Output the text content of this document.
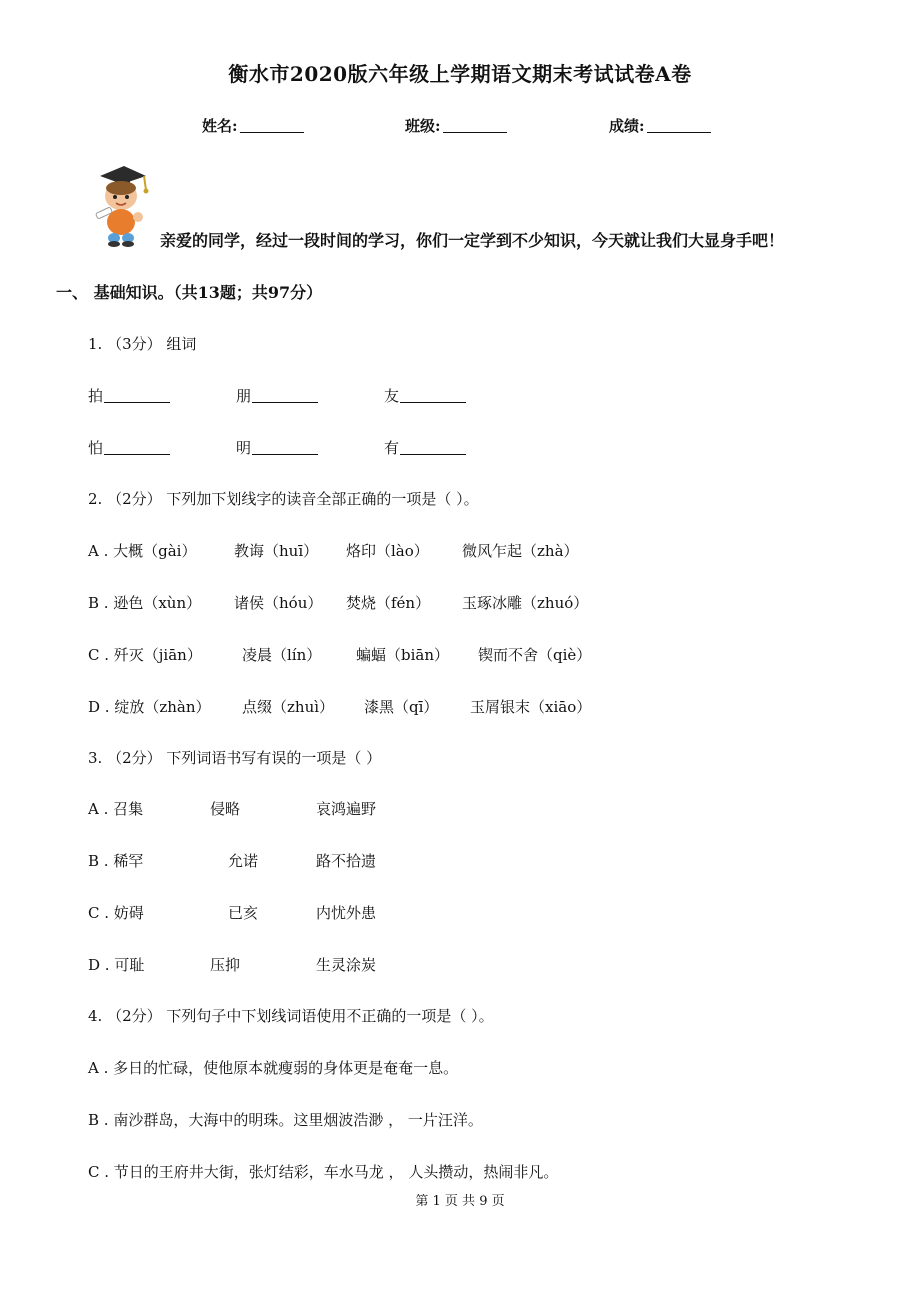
衡水市2020版六年级上学期语文期末考试试卷A卷
姓名:	班级:	成绩:
亲爱的同学，经过一段时间的学习，你们一定学到不少知识，今天就让我们大显身手吧！
一、 基础知识。（共13题；共97分）
1. （3分） 组词
拍	朋	友
怕	明	有
2. （2分） 下列加下划线字的读音全部正确的一项是（ ）。
A . 大概（gài）	教诲（huī） 烙印（lào） 微风乍起（zhà）
B . 逊色（xùn） 诸侯（hóu） 焚烧（fén） 玉琢冰雕（zhuó）
C . 歼灭（jiān）	凌晨（lín） 蝙蝠（biān） 锲而不舍（qiè）
D . 绽放（zhàn） 点缀（zhuì） 漆黑（qī） 玉屑银末（xiāo）
3. （2分） 下列词语书写有误的一项是（ ）
A . 召集	侵略	哀鸿遍野
B . 稀罕	允诺	路不拾遗
C . 妨碍	已亥	内忧外患
D . 可耻	压抑	生灵涂炭
4. （2分） 下列句子中下划线词语使用不正确的一项是（ ）。
A . 多日的忙碌，使他原本就瘦弱的身体更是奄奄一息。
B . 南沙群岛，大海中的明珠。这里烟波浩渺 ， 一片汪洋。
C . 节日的王府井大街，张灯结彩，车水马龙 ， 人头攒动，热闹非凡。
第 1 页 共 9 页
